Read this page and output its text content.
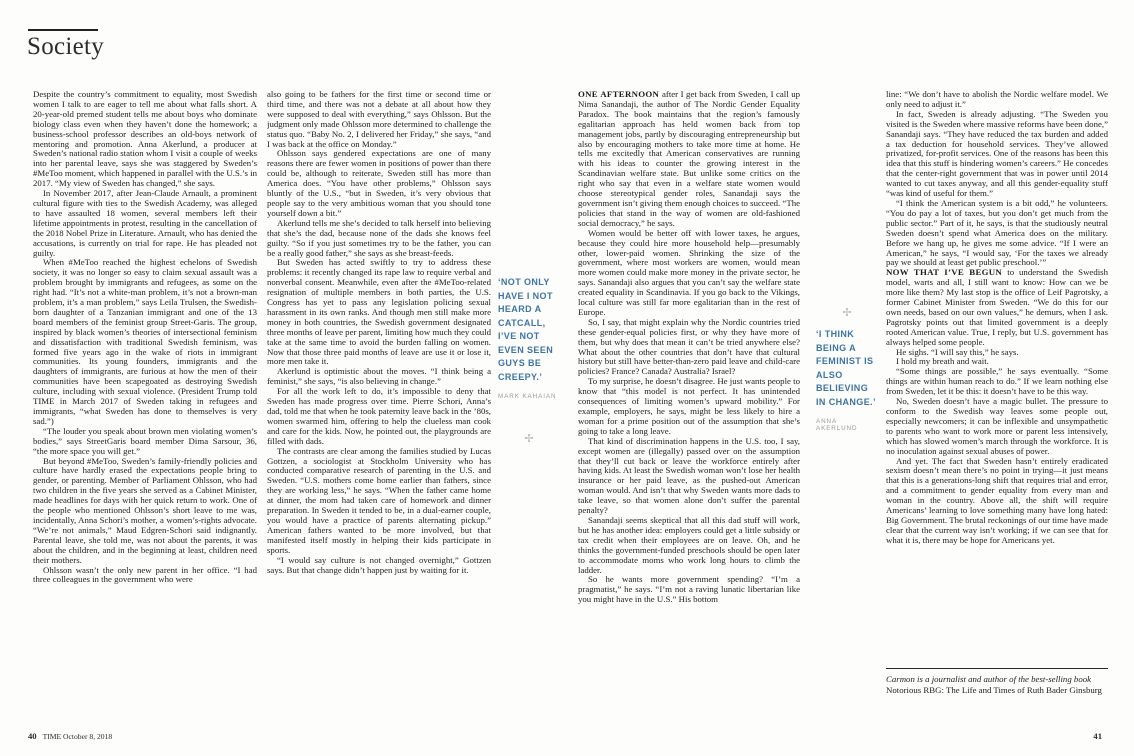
Society

Despite the country’s commitment to equality, most Swedish women I talk to are eager to tell me about what falls short. A 20-year-old premed student tells me about boys who dominate biology class even when they haven’t done the homework; a business-school professor describes an old-boys network of mentoring and promotion. Anna Akerlund, a producer at Sweden’s national radio station whom I visit a couple of weeks into her parental leave, says she was staggered by Sweden’s #MeToo moment, which happened in parallel with the U.S.’s in 2017. “My view of Sweden has changed,” she says.

In November 2017, after Jean-Claude Arnault, a prominent cultural figure with ties to the Swedish Academy, was alleged to have assaulted 18 women, several members left their lifetime appointments in protest, resulting in the cancellation of the 2018 Nobel Prize in Literature. Arnault, who has denied the accusations, is currently on trial for rape. He has pleaded not guilty.

When #MeToo reached the highest echelons of Swedish society, it was no longer so easy to claim sexual assault was a problem brought by immigrants and refugees, as some on the right had. “It’s not a white-man problem, it’s not a brown-man problem, it’s a man problem,” says Leila Trulsen, the Swedish-born daughter of a Tanzanian immigrant and one of the 13 board members of the feminist group Street-Garis. The group, inspired by black women’s theories of intersectional feminism and dissatisfaction with traditional Swedish feminism, was formed five years ago in the wake of riots in immigrant communities. Its young founders, immigrants and the daughters of immigrants, are furious at how the men of their communities have been scapegoated as destroying Swedish culture, including with sexual violence. (President Trump told TIME in March 2017 of Sweden taking in refugees and immigrants, “what Sweden has done to themselves is very sad.”)

“The louder you speak about brown men violating women’s bodies,” says StreetGaris board member Dima Sarsour, 36, “the more space you will get.”

But beyond #MeToo, Sweden’s family-friendly policies and culture have hardly erased the expectations people bring to gender, or parenting. Member of Parliament Ohlsson, who had two children in the five years she served as a Cabinet Minister, made headlines for days with her quick return to work. One of the people who mentioned Ohlsson’s short leave to me was, incidentally, Anna Schori’s mother, a women’s-rights advocate. “We’re not animals,” Maud Edgren-Schori said indignantly. Parental leave, she told me, was not about the parents, it was about the children, and in the beginning at least, children need their mothers.

Ohlsson wasn’t the only new parent in her office. “I had three colleagues in the government who were

also going to be fathers for the first time or second time or third time, and there was not a debate at all about how they were supposed to deal with everything,” says Ohlsson. But the judgment only made Ohlsson more determined to challenge the status quo. “Baby No. 2, I delivered her Friday,” she says, “and I was back at the office on Monday.”

Ohlsson says gendered expectations are one of many reasons there are fewer women in positions of power than there could be, although to reiterate, Sweden still has more than America does. “You have other problems,” Ohlsson says bluntly of the U.S., “but in Sweden, it’s very obvious that people say to the very ambitious woman that you should tone yourself down a bit.”

Akerlund tells me she’s decided to talk herself into believing that she’s the dad, because none of the dads she knows feel guilty. “So if you just sometimes try to be the father, you can be a really good father,” she says as she breast-feeds.

But Sweden has acted swiftly to try to address these problems: it recently changed its rape law to require verbal and nonverbal consent. Meanwhile, even after the #MeToo-related resignation of multiple members in both parties, the U.S. Congress has yet to pass any legislation policing sexual harassment in its own ranks. And though men still make more money in both countries, the Swedish government designated three months of leave per parent, limiting how much they could take at the same time to avoid the burden falling on women. Now that those three paid months of leave are use it or lose it, more men take it.

Akerlund is optimistic about the moves. “I think being a feminist,” she says, “is also believing in change.”

For all the work left to do, it’s impossible to deny that Sweden has made progress over time. Pierre Schori, Anna’s dad, told me that when he took paternity leave back in the ’80s, women swarmed him, offering to help the clueless man cook and care for the kids. Now, he pointed out, the playgrounds are filled with dads.

The contrasts are clear among the families studied by Lucas Gottzen, a sociologist at Stockholm University who has conducted comparative research of parenting in the U.S. and Sweden. “U.S. mothers come home earlier than fathers, since they are working less,” he says. “When the father came home at dinner, the mom had taken care of homework and dinner preparation. In Sweden it tended to be, in a dual-earner couple, you would have a practice of parents alternating pickup.” American fathers wanted to be more involved, but that manifested itself mostly in helping their kids participate in sports.

“I would say culture is not changed overnight,” Gottzen says. But that change didn’t happen just by waiting for it.

‘NOT ONLY HAVE I NOT HEARD A CATCALL, I’VE NOT EVEN SEEN GUYS BE CREEPY.’
MARK KAHAIAN
✢

ONE AFTERNOON after I get back from Sweden, I call up Nima Sanandaji, the author of The Nordic Gender Equality Paradox. The book maintains that the region’s famously egalitarian approach has held women back from top management jobs, partly by discouraging entrepreneurship but also by encouraging mothers to take more time at home. He tells me excitedly that American conservatives are running with his ideas to counter the growing interest in the Scandinavian welfare state. But unlike some critics on the right who say that even in a welfare state women would choose stereotypical gender roles, Sanandaji says the government isn’t giving them enough choices to succeed. “The policies that stand in the way of women are old-fashioned social democracy,” he says.

Women would be better off with lower taxes, he argues, because they could hire more household help—presumably other, lower-paid women. Shrinking the size of the government, where most workers are women, would mean more women could make more money in the private sector, he says. Sanandaji also argues that you can’t say the welfare state created equality in Scandinavia. If you go back to the Vikings, local culture was still far more egalitarian than in the rest of Europe.

So, I say, that might explain why the Nordic countries tried these gender-equal policies first, or why they have more of them, but why does that mean it can’t be tried anywhere else? What about the other countries that don’t have that cultural history but still have better-than-zero paid leave and child-care policies? France? Canada? Australia? Israel?

To my surprise, he doesn’t disagree. He just wants people to know that “this model is not perfect. It has unintended consequences of limiting women’s upward mobility.” For example, employers, he says, might be less likely to hire a woman for a prime position out of the assumption that she’s going to take a long leave.

That kind of discrimination happens in the U.S. too, I say, except women are (illegally) passed over on the assumption that they’ll cut back or leave the workforce entirely after having kids. At least the Swedish woman won’t lose her health insurance or her paid leave, as the pushed-out American woman would. And isn’t that why Sweden wants more dads to take leave, so that women alone don’t suffer the parental penalty?

Sanandaji seems skeptical that all this dad stuff will work, but he has another idea: employers could get a little subsidy or tax credit when their employees are on leave. Oh, and he thinks the government-funded preschools should be open later to accommodate moms who work long hours to climb the ladder.

So he wants more government spending? “I’m a pragmatist,” he says. “I’m not a raving lunatic libertarian like you might have in the U.S.” His bottom

✢
‘I THINK BEING A FEMINIST IS ALSO BELIEVING IN CHANGE.’
ANNA AKERLUND

line: “We don’t have to abolish the Nordic welfare model. We only need to adjust it.”

In fact, Sweden is already adjusting. “The Sweden you visited is the Sweden where massive reforms have been done,” Sanandaji says. “They have reduced the tax burden and added a tax deduction for household services. They’ve allowed privatized, for-profit services. One of the reasons has been this idea that this stuff is hindering women’s careers.” He concedes that the center-right government that was in power until 2014 wanted to cut taxes anyway, and all this gender-equality stuff “was kind of useful for them.”

“I think the American system is a bit odd,” he volunteers. “You do pay a lot of taxes, but you don’t get much from the public sector.” Part of it, he says, is that the studiously neutral Sweden doesn’t spend what America does on the military. Before we hang up, he gives me some advice. “If I were an American,” he says, “I would say, ‘For the taxes we already pay we should at least get public preschool.’”

NOW THAT I’VE BEGUN to understand the Swedish model, warts and all, I still want to know: How can we be more like them? My last stop is the office of Leif Pagrotsky, a former Cabinet Minister from Sweden. “We do this for our own needs, based on our own values,” he demurs, when I ask. Pagrotsky points out that limited government is a deeply rooted American value. True, I reply, but U.S. government has always helped some people.

He sighs. “I will say this,” he says.

I hold my breath and wait.

“Some things are possible,” he says eventually. “Some things are within human reach to do.” If we learn nothing else from Sweden, let it be this: it doesn’t have to be this way.

No, Sweden doesn’t have a magic bullet. The pressure to conform to the Swedish way leaves some people out, especially newcomers; it can be inflexible and unsympathetic to parents who want to work more or parent less intensively, which has slowed women’s march through the workforce. It is no inoculation against sexual abuses of power.

And yet. The fact that Sweden hasn’t entirely eradicated sexism doesn’t mean there’s no point in trying—it just means that this is a generations-long shift that requires trial and error, and a commitment to gender equality from every man and woman in the country. Above all, the shift will require Americans’ learning to love something many have long hated: Big Government. The brutal reckonings of our time have made clear that the current way isn’t working; if we can see that for what it is, there may be hope for Americans yet.

Carmon is a journalist and author of the best-selling book Notorious RBG: The Life and Times of Ruth Bader Ginsburg

40 TIME October 8, 2018	41
